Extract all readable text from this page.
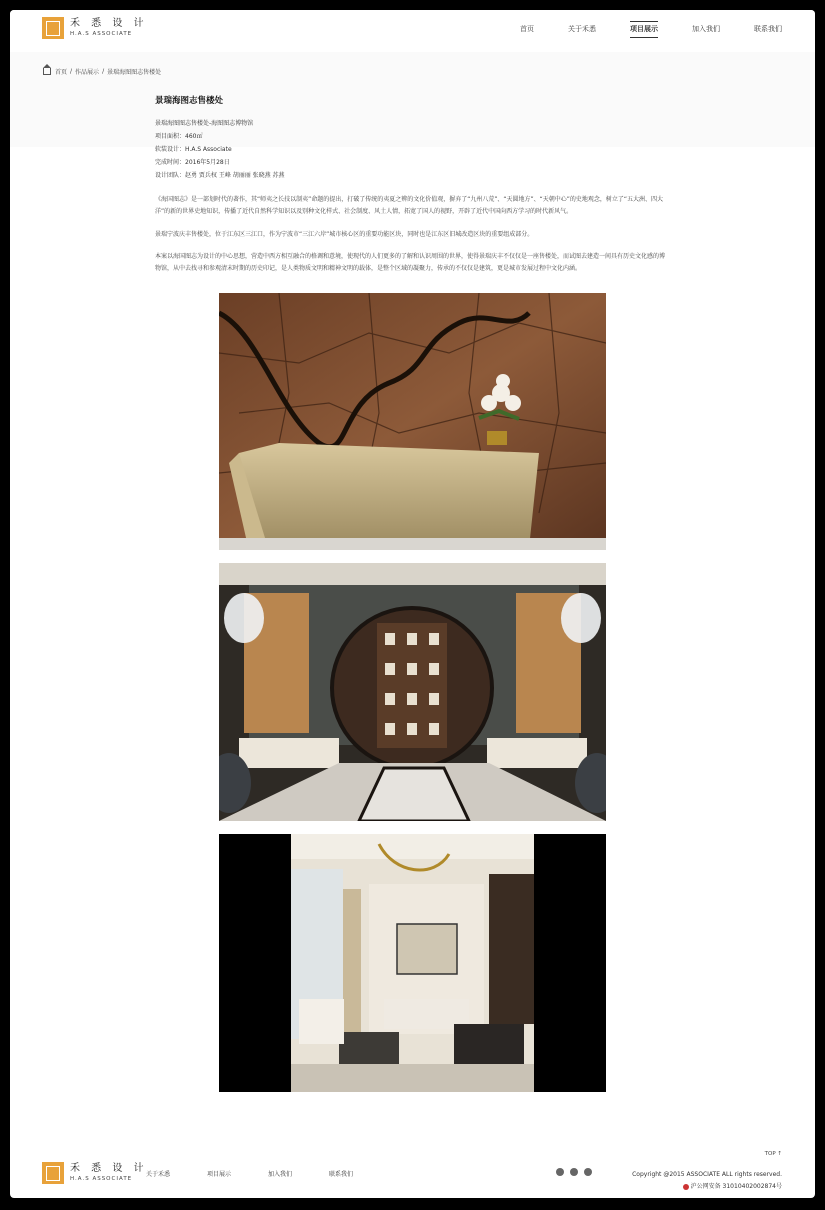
禾 悉 设 计
H.A.S ASSOCIATE
首页	关于禾悉	项目展示	加入我们	联系我们
首页 / 作品展示 / 景瑞海图图志售楼处
景瑞海图志售楼处
景瑞海图图志售楼处-海图图志博物馆
项目面积：460㎡
软装设计：H.A.S Associate
完成时间：2016年5月28日
设计团队：赵勇 贾兵权 王峰 胡丽丽 张晓燕 苏燕
《海国图志》是一部划时代的著作，其“师夷之长技以制夷”命题的提出，打破了传统的夷夏之辨的文化价值观，摒弃了“九州八荒”、“天圆地方”、“天朝中心”的史地观念，树立了“五大洲、四大洋”的新的世界史地知识，传播了近代自然科学知识以及别种文化样式、社会制度、风土人情，拓宽了国人的视野，开辟了近代中国向西方学习的时代新风气。
景瑞宁波庆丰售楼处，位于江东区三江口，作为宁波市“三江六岸”城市核心区的重要功能区块，同时也是江东区旧城改造区块的重要组成部分。
本案以海国图志为设计的中心思想，营造中西方相互融合的格调和意境，使现代的人们更多的了解和认识周围的世界，使得景瑞庆丰不仅仅是一座售楼处，而试图去建造一间具有历史文化感的博物馆，从中去找寻和参观清末时期的历史印记，是人类物质文明和精神文明的载体，是整个区域的凝聚力，传承的不仅仅是建筑，更是城市发展过程中文化内涵。
TOP ↑
禾 悉 设 计
H.A.S ASSOCIATE
关于禾悉	项目展示	加入我们	联系我们	Copyright @2015 ASSOCIATE ALL rights reserved.
沪公网安备 31010402002874号
